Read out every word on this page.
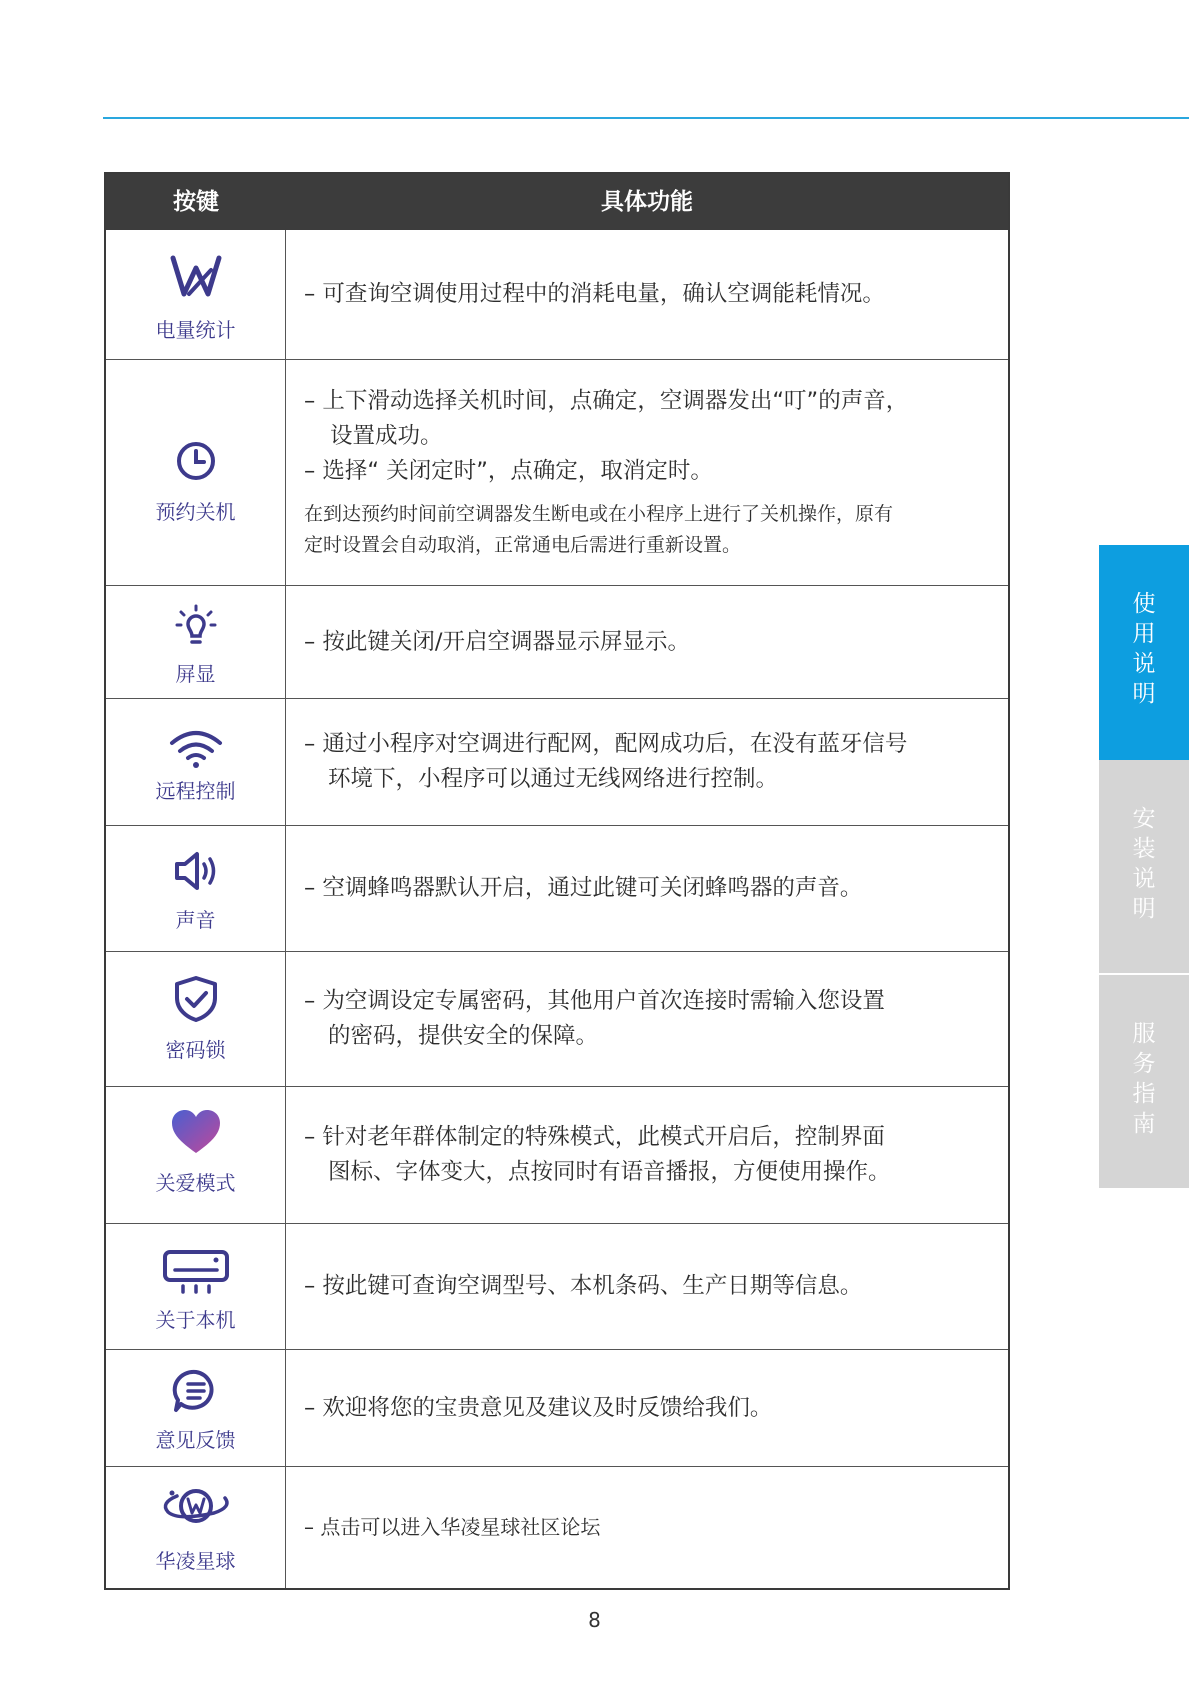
按键	具体功能
电量统计
– 可查询空调使用过程中的消耗电量，确认空调能耗情况。
预约关机
– 上下滑动选择关机时间，点确定，空调器发出“叮”的声音，
设置成功。
– 选择“ 关闭定时”，点确定，取消定时。
在到达预约时间前空调器发生断电或在小程序上进行了关机操作，原有
定时设置会自动取消，正常通电后需进行重新设置。
屏显
– 按此键关闭/开启空调器显示屏显示。
远程控制
– 通过小程序对空调进行配网，配网成功后，在没有蓝牙信号
环境下，小程序可以通过无线网络进行控制。
声音
– 空调蜂鸣器默认开启，通过此键可关闭蜂鸣器的声音。
密码锁
– 为空调设定专属密码，其他用户首次连接时需输入您设置
的密码，提供安全的保障。
关爱模式
– 针对老年群体制定的特殊模式，此模式开启后，控制界面
图标、字体变大，点按同时有语音播报，方便使用操作。
关于本机
– 按此键可查询空调型号、本机条码、生产日期等信息。
意见反馈
– 欢迎将您的宝贵意见及建议及时反馈给我们。
华凌星球
– 点击可以进入华凌星球社区论坛
使
用
说
明
安
装
说
明
服
务
指
南
8
